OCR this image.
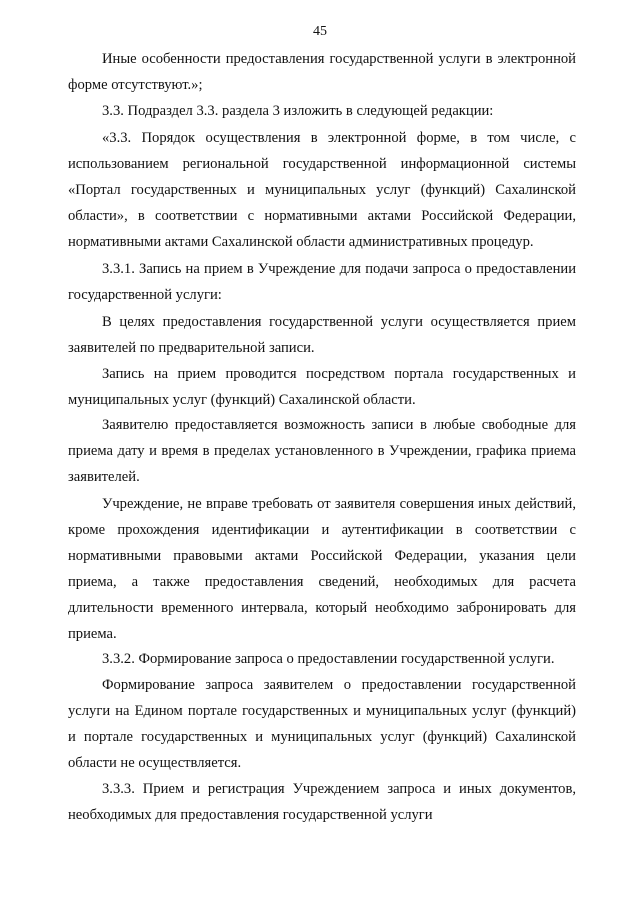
45

Иные особенности предоставления государственной услуги в электронной форме отсутствуют.»;

3.3. Подраздел 3.3. раздела 3 изложить в следующей редакции:

«3.3. Порядок осуществления в электронной форме, в том числе, с использованием региональной государственной информационной системы «Портал государственных и муниципальных услуг (функций) Сахалинской области», в соответствии с нормативными актами Российской Федерации, нормативными актами Сахалинской области административных процедур.

3.3.1. Запись на прием в Учреждение для подачи запроса о предоставлении государственной услуги:

В целях предоставления государственной услуги осуществляется прием заявителей по предварительной записи.

Запись на прием проводится посредством портала государственных и муниципальных услуг (функций) Сахалинской области.

Заявителю предоставляется возможность записи в любые свободные для приема дату и время в пределах установленного в Учреждении, графика приема заявителей.

Учреждение, не вправе требовать от заявителя совершения иных действий, кроме прохождения идентификации и аутентификации в соответствии с нормативными правовыми актами Российской Федерации, указания цели приема, а также предоставления сведений, необходимых для расчета длительности временного интервала, который необходимо забронировать для приема.

3.3.2. Формирование запроса о предоставлении государственной услуги.

Формирование запроса заявителем о предоставлении государственной услуги на Едином портале государственных и муниципальных услуг (функций) и портале государственных и муниципальных услуг (функций) Сахалинской области не осуществляется.

3.3.3. Прием и регистрация Учреждением запроса и иных документов, необходимых для предоставления государственной услуги
